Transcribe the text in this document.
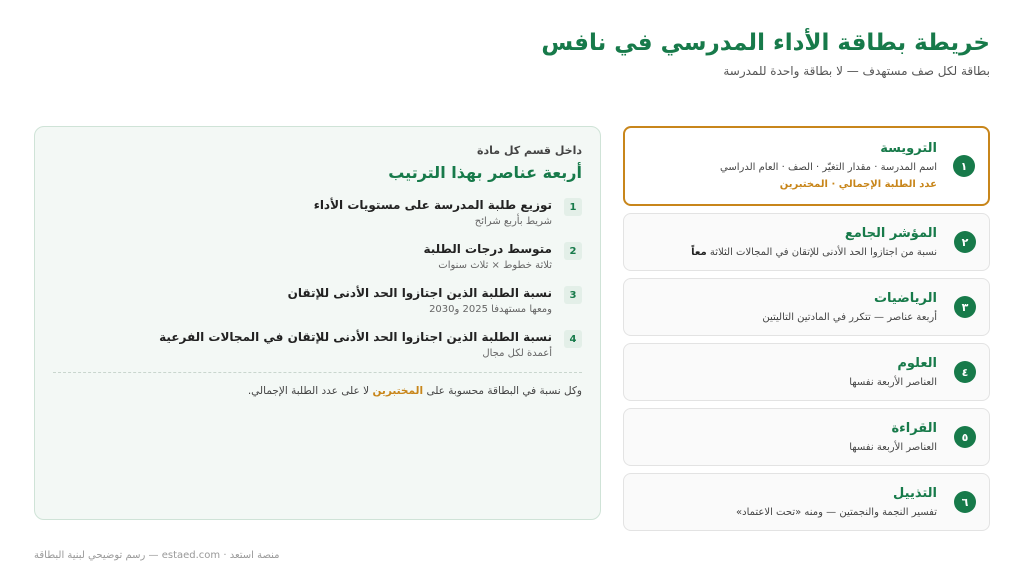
خريطة بطاقة الأداء المدرسي في نافس
بطاقة لكل صف مستهدف — لا بطاقة واحدة للمدرسة
١
الترويسة
اسم المدرسة · مقدار التغيّر · الصف · العام الدراسي
عدد الطلبة الإجمالي · المختبرين
٢
المؤشر الجامع
نسبة من اجتازوا الحد الأدنى للإتقان في المجالات الثلاثة معاً
٣
الرياضيات
أربعة عناصر — تتكرر في المادتين التاليتين
٤
العلوم
العناصر الأربعة نفسها
٥
القراءة
العناصر الأربعة نفسها
٦
التذييل
تفسير النجمة والنجمتين — ومنه «تحت الاعتماد»
داخل قسم كل مادة
أربعة عناصر بهذا الترتيب
1
توزيع طلبة المدرسة على مستويات الأداء
شريط بأربع شرائح
2
متوسط درجات الطلبة
ثلاثة خطوط × ثلاث سنوات
3
نسبة الطلبة الذين اجتازوا الحد الأدنى للإتقان
ومعها مستهدفا 2025 و2030
4
نسبة الطلبة الذين اجتازوا الحد الأدنى للإتقان في المجالات الفرعية
أعمدة لكل مجال
وكل نسبة في البطاقة محسوبة على المختبرين لا على عدد الطلبة الإجمالي.
منصة استعد · estaed.com — رسم توضيحي لبنية البطاقة
